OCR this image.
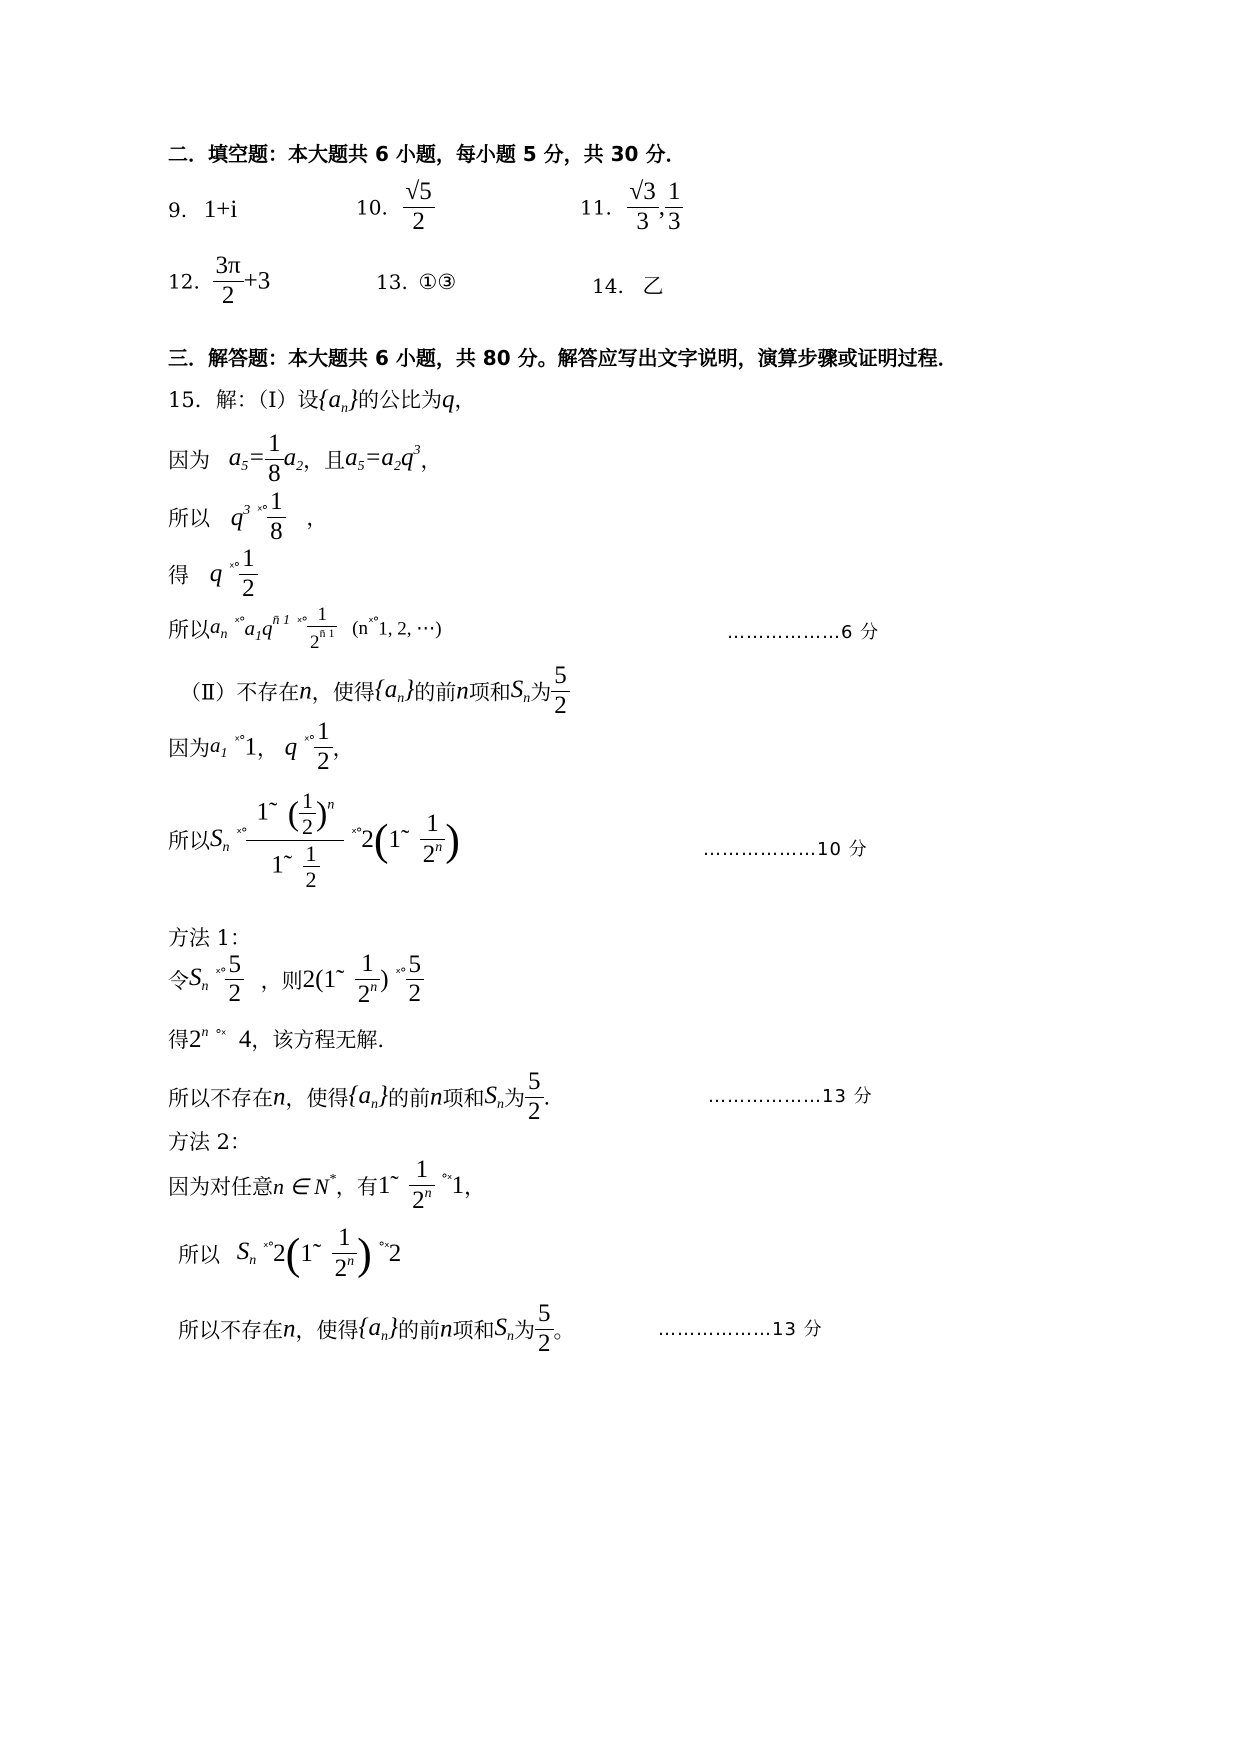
二．填空题：本大题共 6 小题，每小题 5 分，共 30 分．
9. 1+i	10. $\frac{√5}{2}$	11. $\frac{√3}{3}$ , $\frac{1}{3}$
12. $\frac{3\pi}{2} +3$	13. ①③	14. 乙
三．解答题：本大题共 6 小题，共 80 分。解答应写出文字说明，演算步骤或证明过程．
15．解：（Ⅰ）设$\{a_n\}$的公比为q，
因为 $a_5= \frac{1}{8} a_2$，且$a_5=a_2q^3$，
所以 $q^3$ $^{ˣ^\circ} \frac{1}{8}$ ，
得 q $^{ˣ^\circ} \frac{1}{2}$
所以$a_n$ $^{ˣ^\circ}a_1q^{n̄ 1}$ $^{ˣ^\circ} \frac{1}{2^{n̄ 1}} (n^{ˣ^\circ}1$, 2, ⋯)	………………6 分
（Ⅱ）不存在n，使得$\{a_n\}$的前n项和$S_n$为 $\frac{5}{2}$
因为$a_1$ $^{ˣ^\circ}$1， q $^{ˣ^\circ} \frac{1}{2}$ ，
所以$S_n$ $^{ˣ^\circ} \frac{1̃ ( \frac{1}{2} )^n}{1̃ \frac{1}{2}}$ $^{ˣ^\circ}$2(1̃ $\frac{1}{2^n}$ )	………………10 分
方法 1：
令$S_n$ $^{ˣ^\circ} \frac{5}{2}$ ，则2(1̃ $\frac{1}{2^n}$ ) $^{ˣ^\circ} \frac{5}{2}$
得2$^n$ $^{^\circ ˣ}$ 4，该方程无解.
所以不存在n，使得$\{a_n\}$的前n项和$S_n$为 $\frac{5}{2}$ .	………………13 分
方法 2：
因为对任意n ∈ N*，有1̃ $\frac{1}{2^n} ^{^\circ ˣ}1$，
所以 $S_n$ $^{ˣ^\circ}$2(1̃ $\frac{1}{2^n}$ ) $^{^\circ ˣ}$2
所以不存在n，使得$\{a_n\}$的前n项和$S_n$为 $\frac{5}{2}$ 。	………………13 分
